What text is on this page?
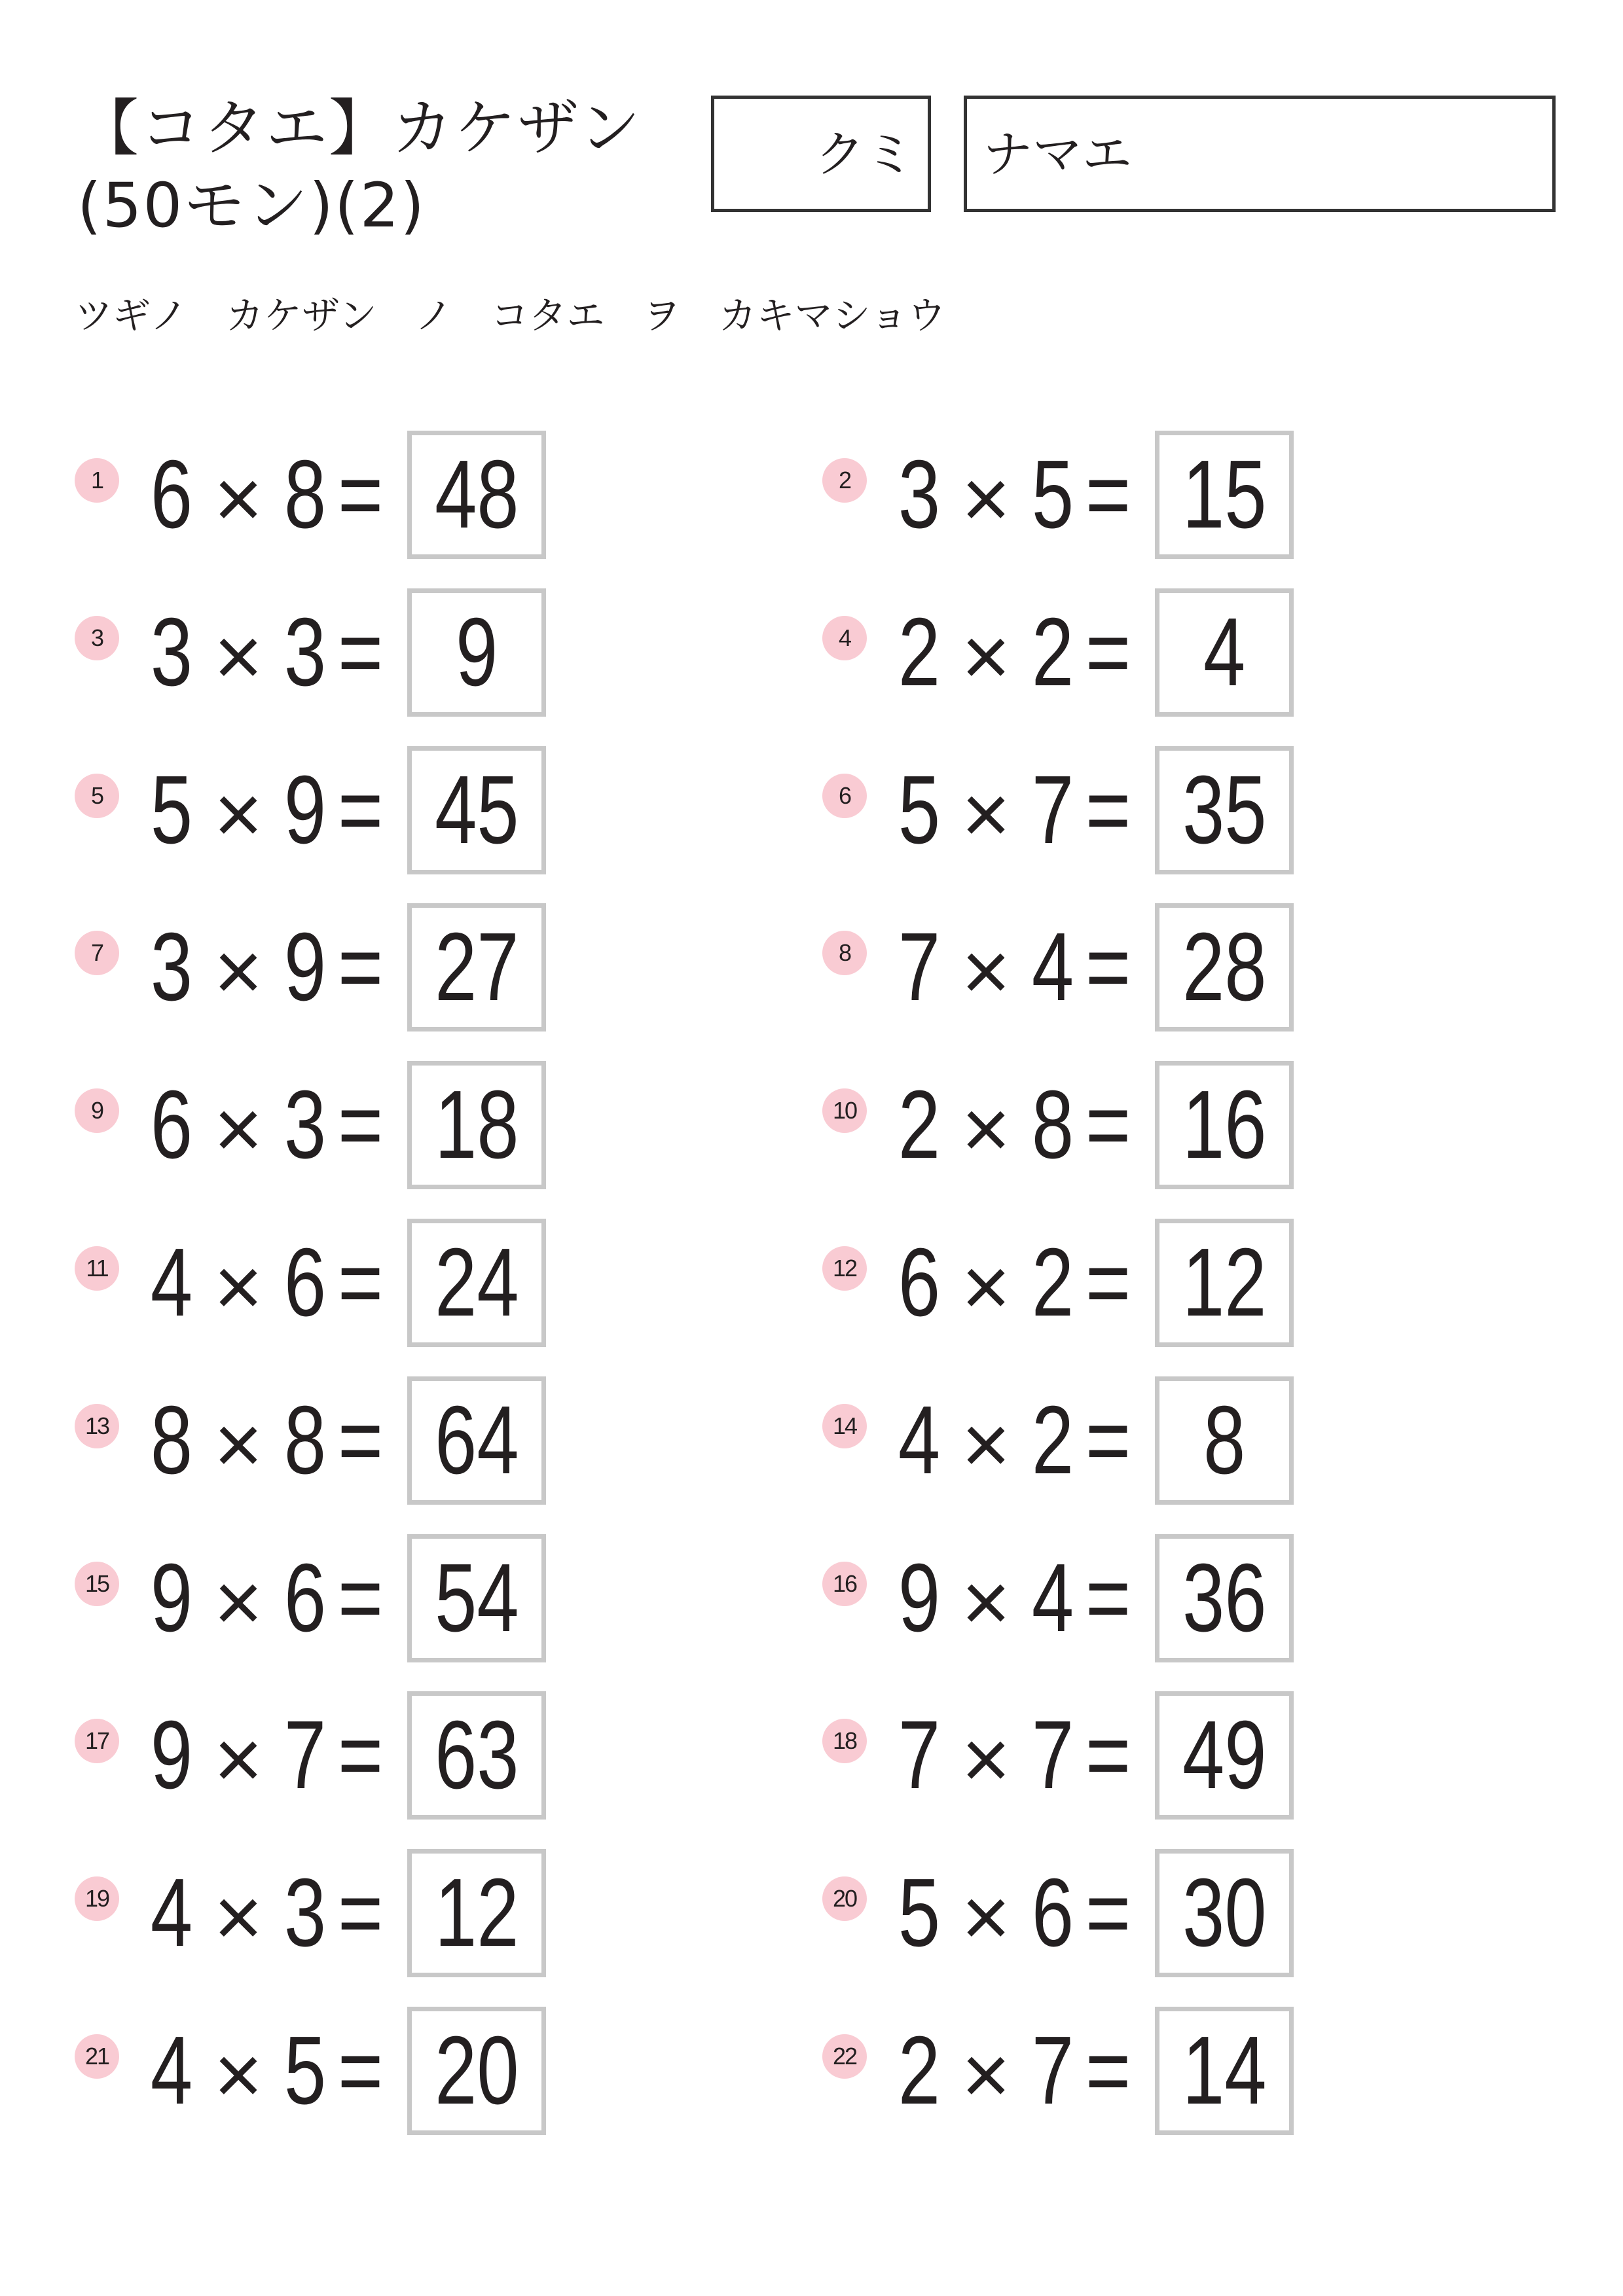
【コタエ】カケザン
(50モン)(2)
クミ ナマエ
ツギノ　カケザン　ノ　コタエ　ヲ　カキマショウ
1 6 × 8 = 48	2 3 × 5 = 15
3 3 × 3 = 9	4 2 × 2 = 4
5 5 × 9 = 45	6 5 × 7 = 35
7 3 × 9 = 27	8 7 × 4 = 28
9 6 × 3 = 18	10 2 × 8 = 16
11 4 × 6 = 24	12 6 × 2 = 12
13 8 × 8 = 64	14 4 × 2 = 8
15 9 × 6 = 54	16 9 × 4 = 36
17 9 × 7 = 63	18 7 × 7 = 49
19 4 × 3 = 12	20 5 × 6 = 30
21 4 × 5 = 20	22 2 × 7 = 14
